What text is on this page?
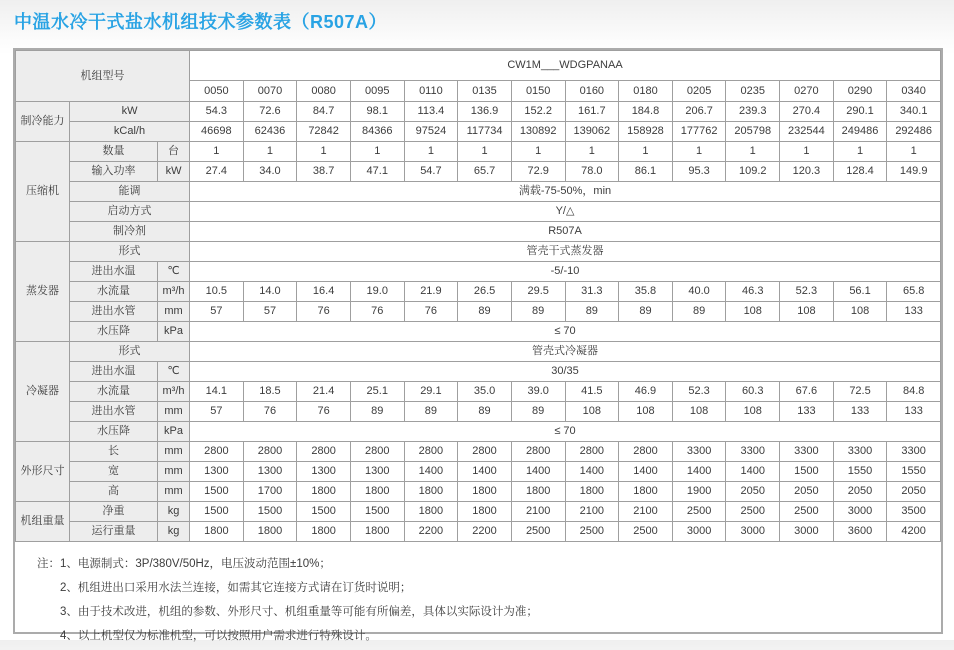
中温水冷干式盐水机组技术参数表（R507A）
机组型号			CW1M___WDGPANAA													
			0050	0070	0080	0095	0110	0135	0150	0160	0180	0205	0235	0270	0290	0340
制冷能力	kW		54.3	72.6	84.7	98.1	113.4	136.9	152.2	161.7	184.8	206.7	239.3	270.4	290.1	340.1
	kCal/h		46698	62436	72842	84366	97524	117734	130892	139062	158928	177762	205798	232544	249486	292486
压缩机	数量	台	1	1	1	1	1	1	1	1	1	1	1	1	1	1
	输入功率	kW	27.4	34.0	38.7	47.1	54.7	65.7	72.9	78.0	86.1	95.3	109.2	120.3	128.4	149.9
	能调		满载-75-50%，min													
	启动方式		Y/△													
	制冷剂		R507A													
蒸发器	形式		管壳干式蒸发器													
	进出水温	℃	-5/-10													
	水流量	m³/h	10.5	14.0	16.4	19.0	21.9	26.5	29.5	31.3	35.8	40.0	46.3	52.3	56.1	65.8
	进出水管	mm	57	57	76	76	76	89	89	89	89	89	108	108	108	133
	水压降	kPa	≤ 70													
冷凝器	形式		管壳式冷凝器													
	进出水温	℃	30/35													
	水流量	m³/h	14.1	18.5	21.4	25.1	29.1	35.0	39.0	41.5	46.9	52.3	60.3	67.6	72.5	84.8
	进出水管	mm	57	76	76	89	89	89	89	108	108	108	108	133	133	133
	水压降	kPa	≤ 70													
外形尺寸	长	mm	2800	2800	2800	2800	2800	2800	2800	2800	2800	3300	3300	3300	3300	3300
	宽	mm	1300	1300	1300	1300	1400	1400	1400	1400	1400	1400	1400	1500	1550	1550
	高	mm	1500	1700	1800	1800	1800	1800	1800	1800	1800	1900	2050	2050	2050	2050
机组重量	净重	kg	1500	1500	1500	1500	1800	1800	2100	2100	2100	2500	2500	2500	3000	3500
	运行重量	kg	1800	1800	1800	1800	2200	2200	2500	2500	2500	3000	3000	3000	3600	4200
注： 1、电源制式：3P/380V/50Hz，电压波动范围±10%；
2、机组进出口采用水法兰连接，如需其它连接方式请在订货时说明；
3、由于技术改进，机组的参数、外形尺寸、机组重量等可能有所偏差，具体以实际设计为准；
4、以上机型仅为标准机型，可以按照用户需求进行特殊设计。
